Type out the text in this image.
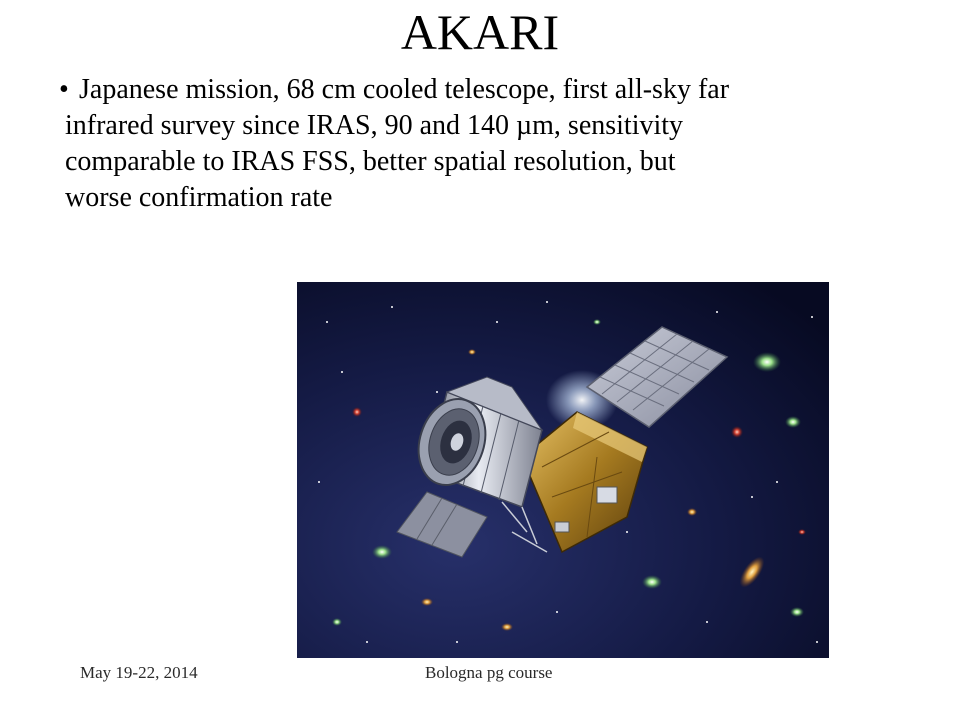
AKARI
• Japanese mission, 68 cm cooled telescope, first all-sky far
infrared survey since IRAS, 90 and 140 µm, sensitivity
comparable to IRAS FSS, better spatial resolution, but
worse confirmation rate
May 19-22, 2014	Bologna pg course
